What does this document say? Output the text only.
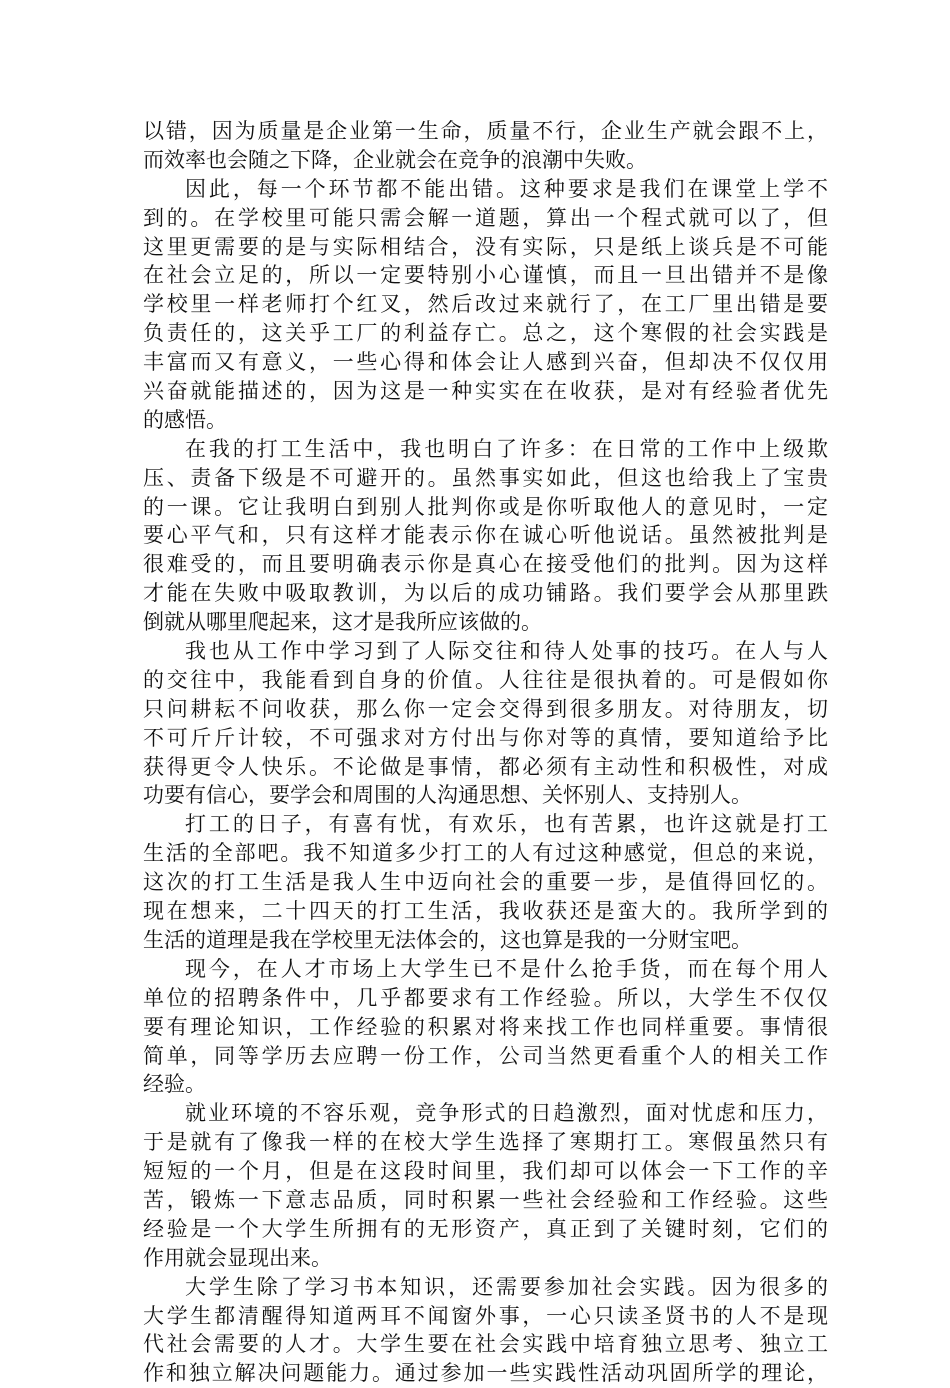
以错，因为质量是企业第一生命，质量不行，企业生产就会跟不上，
而效率也会随之下降，企业就会在竞争的浪潮中失败。
因此，每一个环节都不能出错。这种要求是我们在课堂上学不
到的。在学校里可能只需会解一道题，算出一个程式就可以了，但
这里更需要的是与实际相结合，没有实际，只是纸上谈兵是不可能
在社会立足的，所以一定要特别小心谨慎，而且一旦出错并不是像
学校里一样老师打个红叉，然后改过来就行了，在工厂里出错是要
负责任的，这关乎工厂的利益存亡。总之，这个寒假的社会实践是
丰富而又有意义，一些心得和体会让人感到兴奋，但却决不仅仅用
兴奋就能描述的，因为这是一种实实在在收获，是对有经验者优先
的感悟。
在我的打工生活中，我也明白了许多：在日常的工作中上级欺
压、责备下级是不可避开的。虽然事实如此，但这也给我上了宝贵
的一课。它让我明白到别人批判你或是你听取他人的意见时，一定
要心平气和，只有这样才能表示你在诚心听他说话。虽然被批判是
很难受的，而且要明确表示你是真心在接受他们的批判。因为这样
才能在失败中吸取教训，为以后的成功铺路。我们要学会从那里跌
倒就从哪里爬起来，这才是我所应该做的。
我也从工作中学习到了人际交往和待人处事的技巧。在人与人
的交往中，我能看到自身的价值。人往往是很执着的。可是假如你
只问耕耘不问收获，那么你一定会交得到很多朋友。对待朋友，切
不可斤斤计较，不可强求对方付出与你对等的真情，要知道给予比
获得更令人快乐。不论做是事情，都必须有主动性和积极性，对成
功要有信心，要学会和周围的人沟通思想、关怀别人、支持别人。
打工的日子，有喜有忧，有欢乐，也有苦累，也许这就是打工
生活的全部吧。我不知道多少打工的人有过这种感觉，但总的来说，
这次的打工生活是我人生中迈向社会的重要一步，是值得回忆的。
现在想来，二十四天的打工生活，我收获还是蛮大的。我所学到的
生活的道理是我在学校里无法体会的，这也算是我的一分财宝吧。
现今，在人才市场上大学生已不是什么抢手货，而在每个用人
单位的招聘条件中，几乎都要求有工作经验。所以，大学生不仅仅
要有理论知识，工作经验的积累对将来找工作也同样重要。事情很
简单，同等学历去应聘一份工作，公司当然更看重个人的相关工作
经验。
就业环境的不容乐观，竞争形式的日趋激烈，面对忧虑和压力，
于是就有了像我一样的在校大学生选择了寒期打工。寒假虽然只有
短短的一个月，但是在这段时间里，我们却可以体会一下工作的辛
苦，锻炼一下意志品质，同时积累一些社会经验和工作经验。这些
经验是一个大学生所拥有的无形资产，真正到了关键时刻，它们的
作用就会显现出来。
大学生除了学习书本知识，还需要参加社会实践。因为很多的
大学生都清醒得知道两耳不闻窗外事，一心只读圣贤书的人不是现
代社会需要的人才。大学生要在社会实践中培育独立思考、独立工
作和独立解决问题能力。通过参加一些实践性活动巩固所学的理论，
